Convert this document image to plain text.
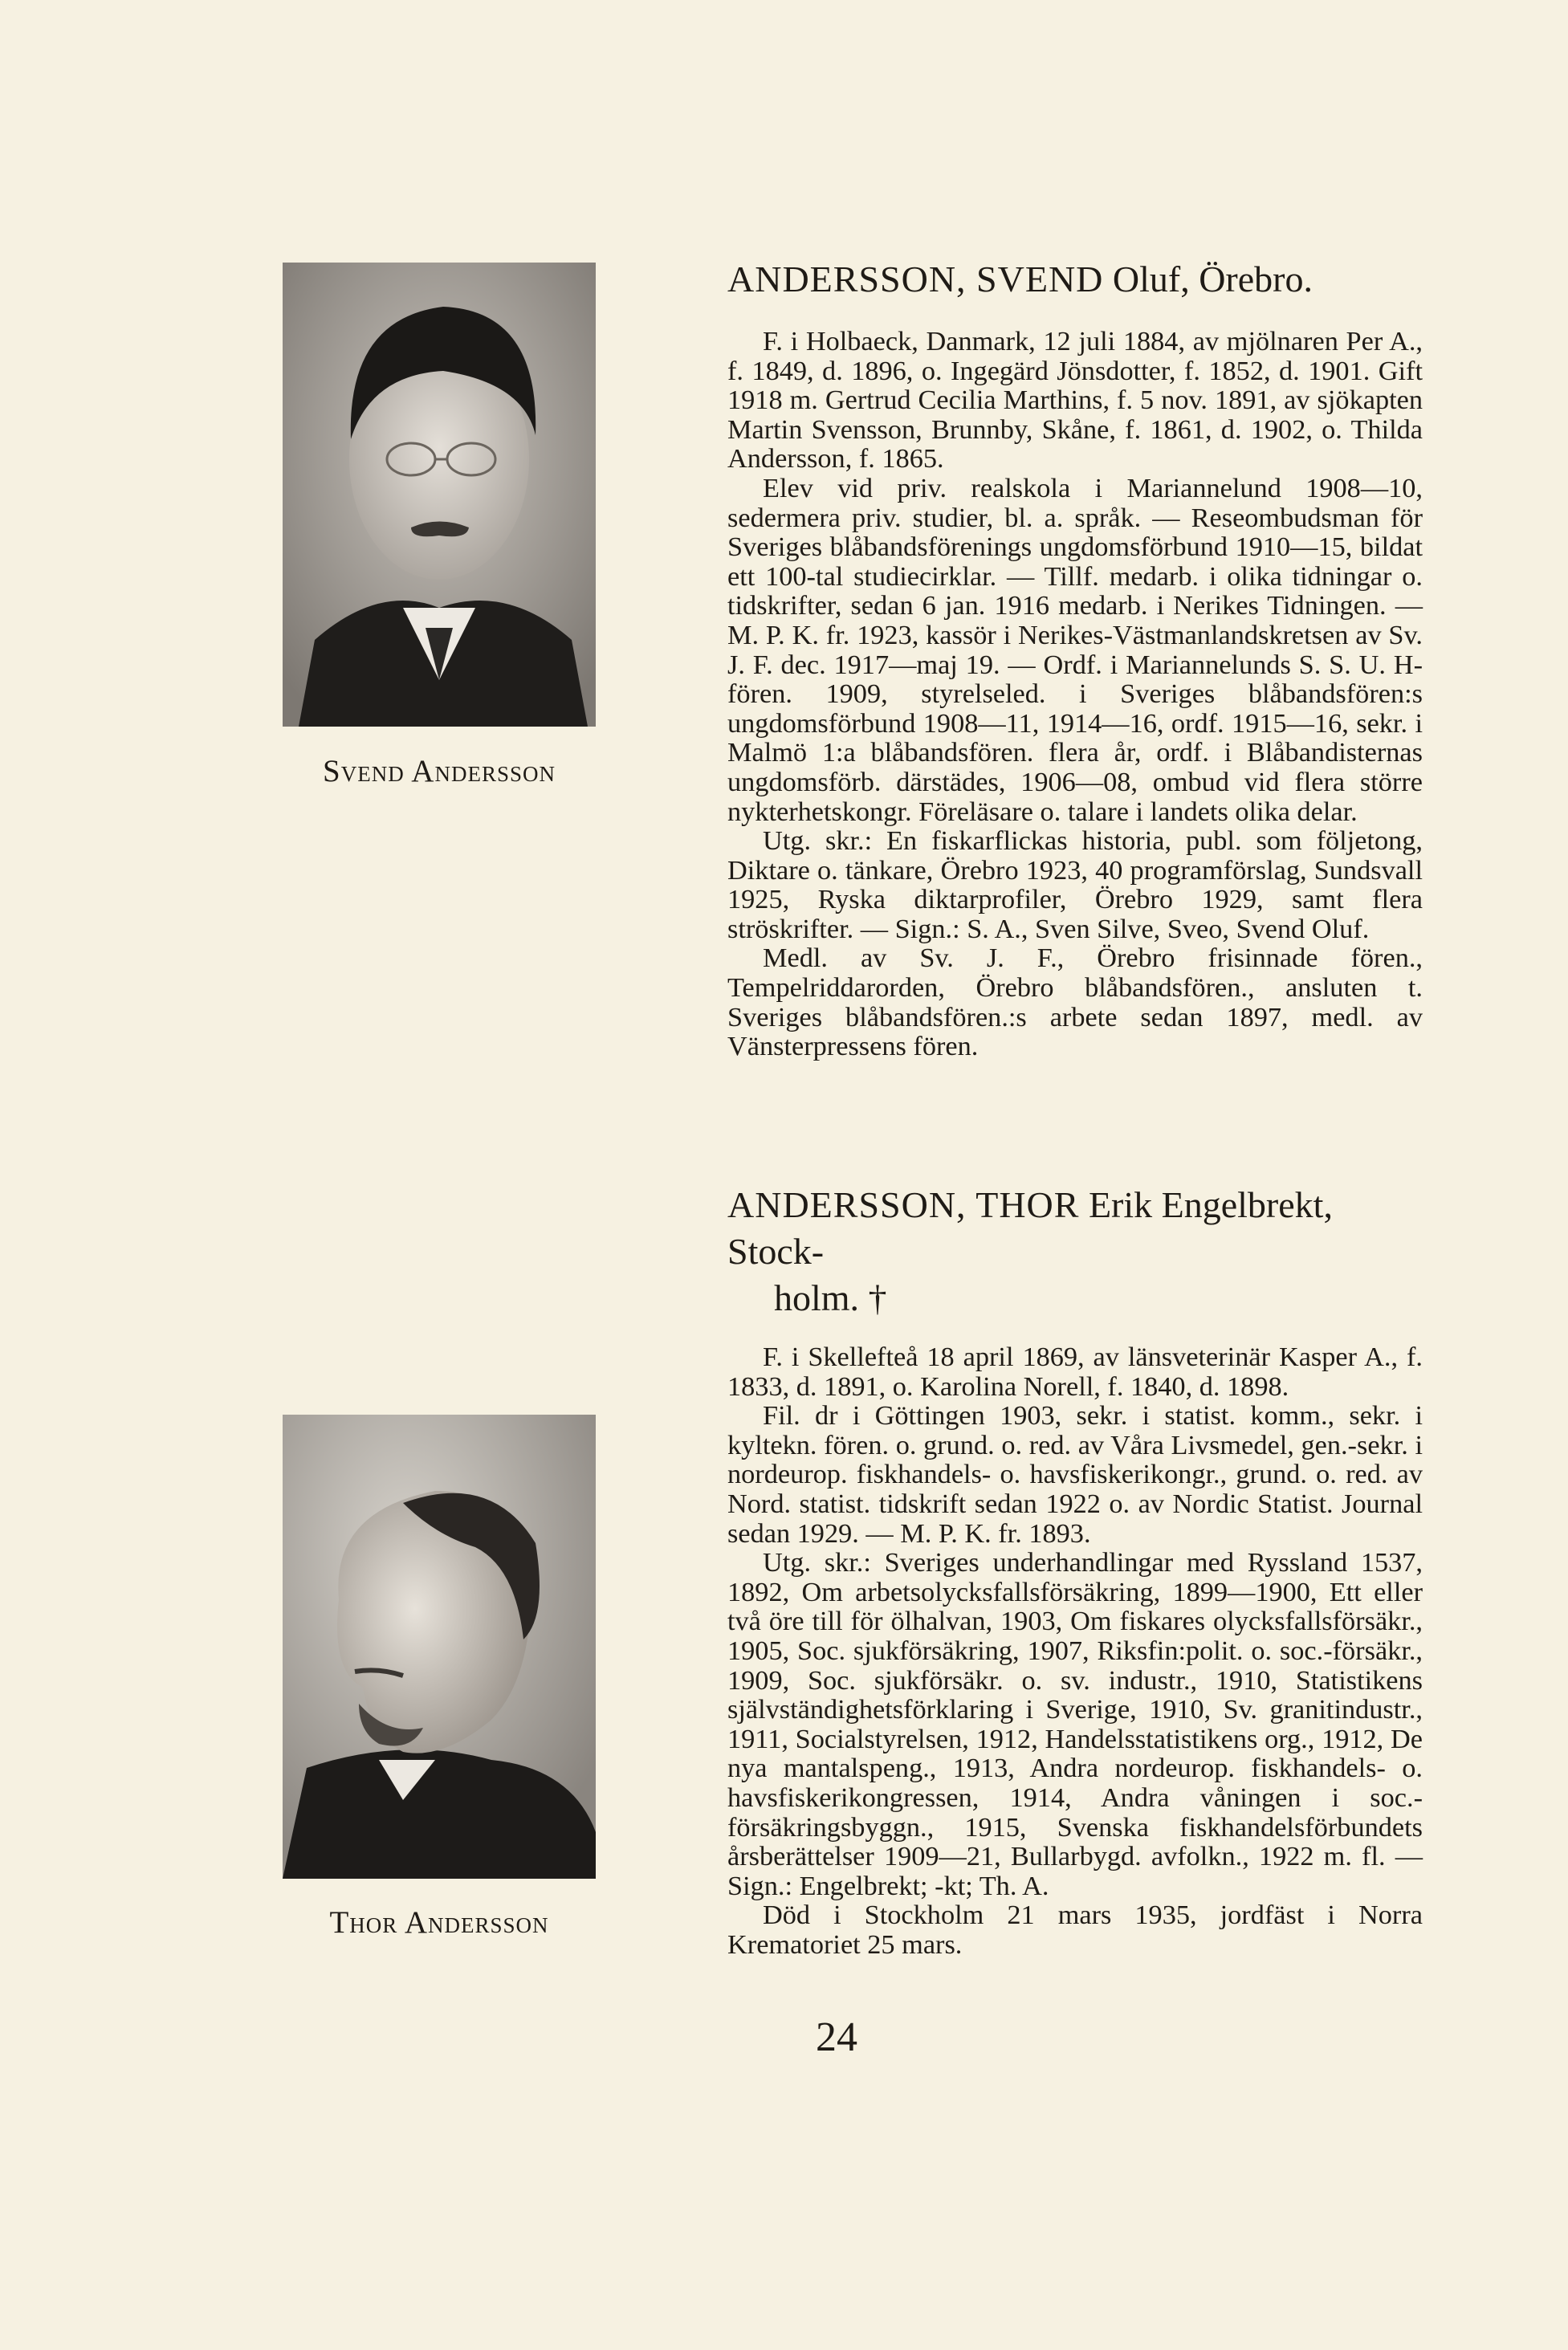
Svend Andersson
ANDERSSON, SVEND Oluf, Örebro.

F. i Holbaeck, Danmark, 12 juli 1884, av mjölnaren Per A., f. 1849, d. 1896, o. Ingegärd Jönsdotter, f. 1852, d. 1901. Gift 1918 m. Gertrud Cecilia Marthins, f. 5 nov. 1891, av sjökapten Martin Svensson, Brunnby, Skåne, f. 1861, d. 1902, o. Thilda Andersson, f. 1865.

Elev vid priv. realskola i Mariannelund 1908—10, sedermera priv. studier, bl. a. språk. — Reseombudsman för Sveriges blåbandsförenings ungdomsförbund 1910—15, bildat ett 100-tal studiecirklar. — Tillf. medarb. i olika tidningar o. tidskrifter, sedan 6 jan. 1916 medarb. i Nerikes Tidningen. — M. P. K. fr. 1923, kassör i Nerikes-Västmanlandskretsen av Sv. J. F. dec. 1917—maj 19. — Ordf. i Mariannelunds S. S. U. H-fören. 1909, styrelseled. i Sveriges blåbandsfören:s ungdomsförbund 1908—11, 1914—16, ordf. 1915—16, sekr. i Malmö 1:a blåbandsfören. flera år, ordf. i Blåbandisternas ungdomsförb. därstädes, 1906—08, ombud vid flera större nykterhetskongr. Föreläsare o. talare i landets olika delar.

Utg. skr.: En fiskarflickas historia, publ. som följetong, Diktare o. tänkare, Örebro 1923, 40 programförslag, Sundsvall 1925, Ryska diktarprofiler, Örebro 1929, samt flera ströskrifter. — Sign.: S. A., Sven Silve, Sveo, Svend Oluf.

Medl. av Sv. J. F., Örebro frisinnade fören., Tempelriddarorden, Örebro blåbandsfören., ansluten t. Sveriges blåbandsfören.:s arbete sedan 1897, medl. av Vänsterpressens fören.

Thor Andersson
ANDERSSON, THOR Erik Engelbrekt, Stock-
holm. †

F. i Skellefteå 18 april 1869, av länsveterinär Kasper A., f. 1833, d. 1891, o. Karolina Norell, f. 1840, d. 1898.

Fil. dr i Göttingen 1903, sekr. i statist. komm., sekr. i kyltekn. fören. o. grund. o. red. av Våra Livsmedel, gen.-sekr. i nordeurop. fiskhandels- o. havsfiskerikongr., grund. o. red. av Nord. statist. tidskrift sedan 1922 o. av Nordic Statist. Journal sedan 1929. — M. P. K. fr. 1893.

Utg. skr.: Sveriges underhandlingar med Ryssland 1537, 1892, Om arbetsolycksfallsförsäkring, 1899—1900, Ett eller två öre till för ölhalvan, 1903, Om fiskares olycksfallsförsäkr., 1905, Soc. sjukförsäkring, 1907, Riksfin:polit. o. soc.-försäkr., 1909, Soc. sjukförsäkr. o. sv. industr., 1910, Statistikens självständighetsförklaring i Sverige, 1910, Sv. granitindustr., 1911, Socialstyrelsen, 1912, Handelsstatistikens org., 1912, De nya mantalspeng., 1913, Andra nordeurop. fiskhandels- o. havsfiskerikongressen, 1914, Andra våningen i soc.-försäkringsbyggn., 1915, Svenska fiskhandelsförbundets årsberättelser 1909—21, Bullarbygd. avfolkn., 1922 m. fl. — Sign.: Engelbrekt; -kt; Th. A.

Död i Stockholm 21 mars 1935, jordfäst i Norra Krematoriet 25 mars.

24
